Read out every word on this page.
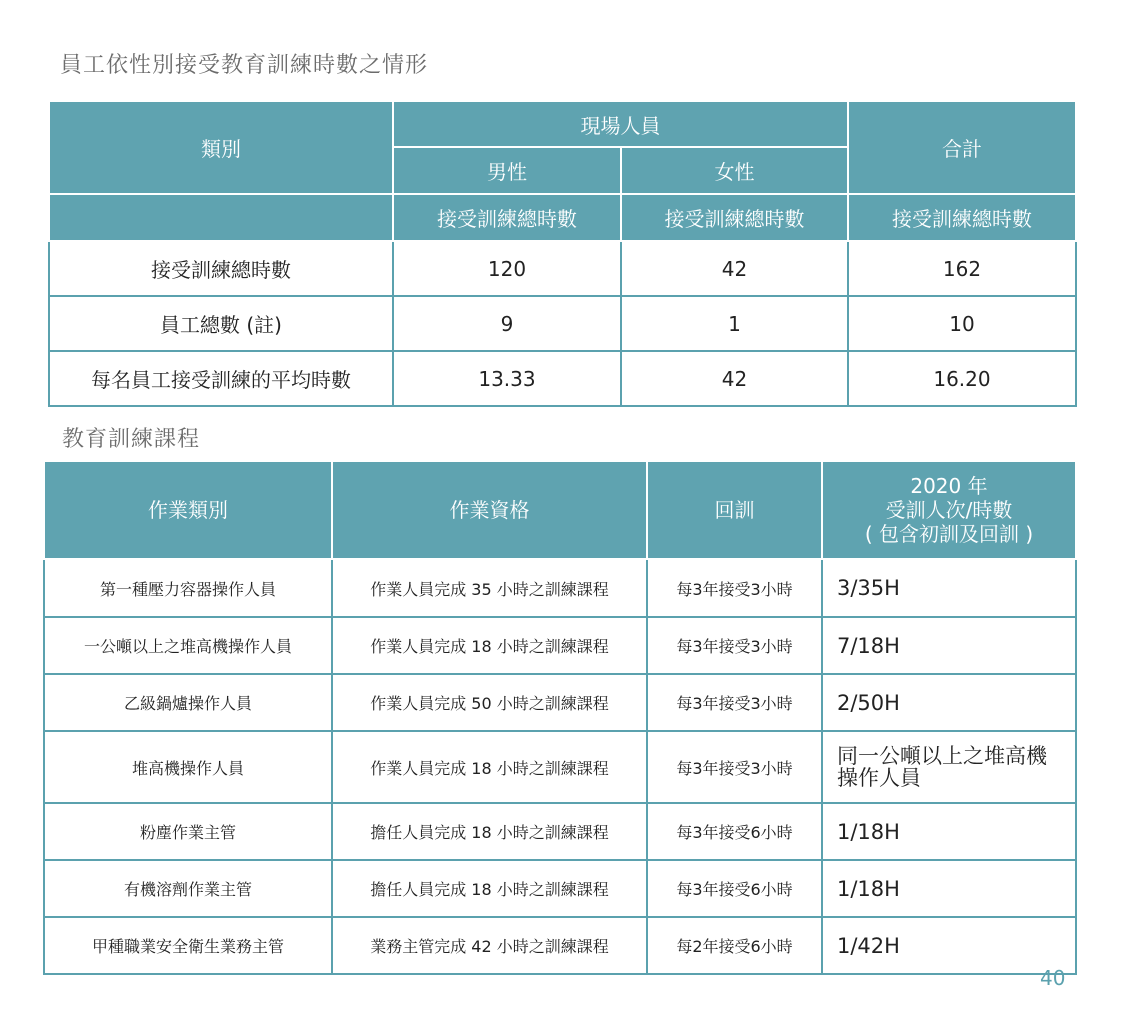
員工依性別接受教育訓練時數之情形
類別	現場人員		合計
	男性	女性	
	接受訓練總時數	接受訓練總時數	接受訓練總時數
接受訓練總時數	120	42	162
員工總數 (註)	9	1	10
每名員工接受訓練的平均時數	13.33	42	16.20
教育訓練課程
作業類別	作業資格	回訓	2020 年
受訓人次/時數
( 包含初訓及回訓 )

第一種壓力容器操作人員	作業人員完成 35 小時之訓練課程	每3年接受3小時	3/35H
一公噸以上之堆高機操作人員	作業人員完成 18 小時之訓練課程	每3年接受3小時	7/18H
乙級鍋爐操作人員	作業人員完成 50 小時之訓練課程	每3年接受3小時	2/50H
堆高機操作人員	作業人員完成 18 小時之訓練課程	每3年接受3小時	同一公噸以上之堆高機操作人員
粉塵作業主管	擔任人員完成 18 小時之訓練課程	每3年接受6小時	1/18H
有機溶劑作業主管	擔任人員完成 18 小時之訓練課程	每3年接受6小時	1/18H
甲種職業安全衛生業務主管	業務主管完成 42 小時之訓練課程	每2年接受6小時	1/42H
40
